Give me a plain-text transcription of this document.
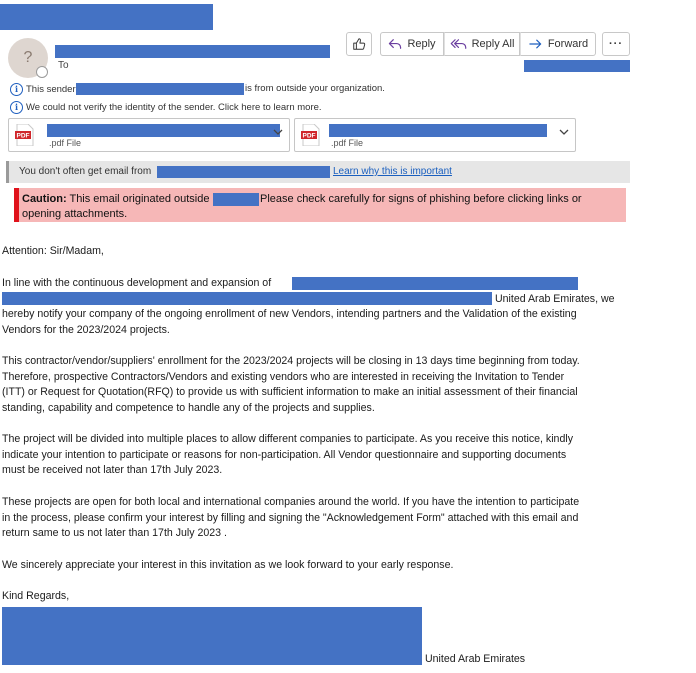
?	To
Reply	Reply All	Forward ···
i This sender	is from outside your organization.
i We could not verify the identity of the sender. Click here to learn more.
PDF
.pdf File
PDF
.pdf File
You don't often get email from	Learn why this is important
Caution: This email originated outside	Please check carefully for signs of phishing before clicking links or
opening attachments.
Attention: Sir/Madam,
In line with the continuous development and expansion of
United Arab Emirates, we
hereby notify your company of the ongoing enrollment of new Vendors, intending partners and the Validation of the existing
Vendors for the 2023/2024 projects.
This contractor/vendor/suppliers' enrollment for the 2023/2024 projects will be closing in 13 days time beginning from today.
Therefore, prospective Contractors/Vendors and existing vendors who are interested in receiving the Invitation to Tender
(ITT) or Request for Quotation(RFQ) to provide us with sufficient information to make an initial assessment of their financial
standing, capability and competence to handle any of the projects and supplies.
The project will be divided into multiple places to allow different companies to participate. As you receive this notice, kindly
indicate your intention to participate or reasons for non-participation. All Vendor questionnaire and supporting documents
must be received not later than 17th July 2023.
These projects are open for both local and international companies around the world. If you have the intention to participate
in the process, please confirm your interest by filling and signing the "Acknowledgement Form" attached with this email and
return same to us not later than 17th July 2023 .
We sincerely appreciate your interest in this invitation as we look forward to your early response.
Kind Regards,
United Arab Emirates
